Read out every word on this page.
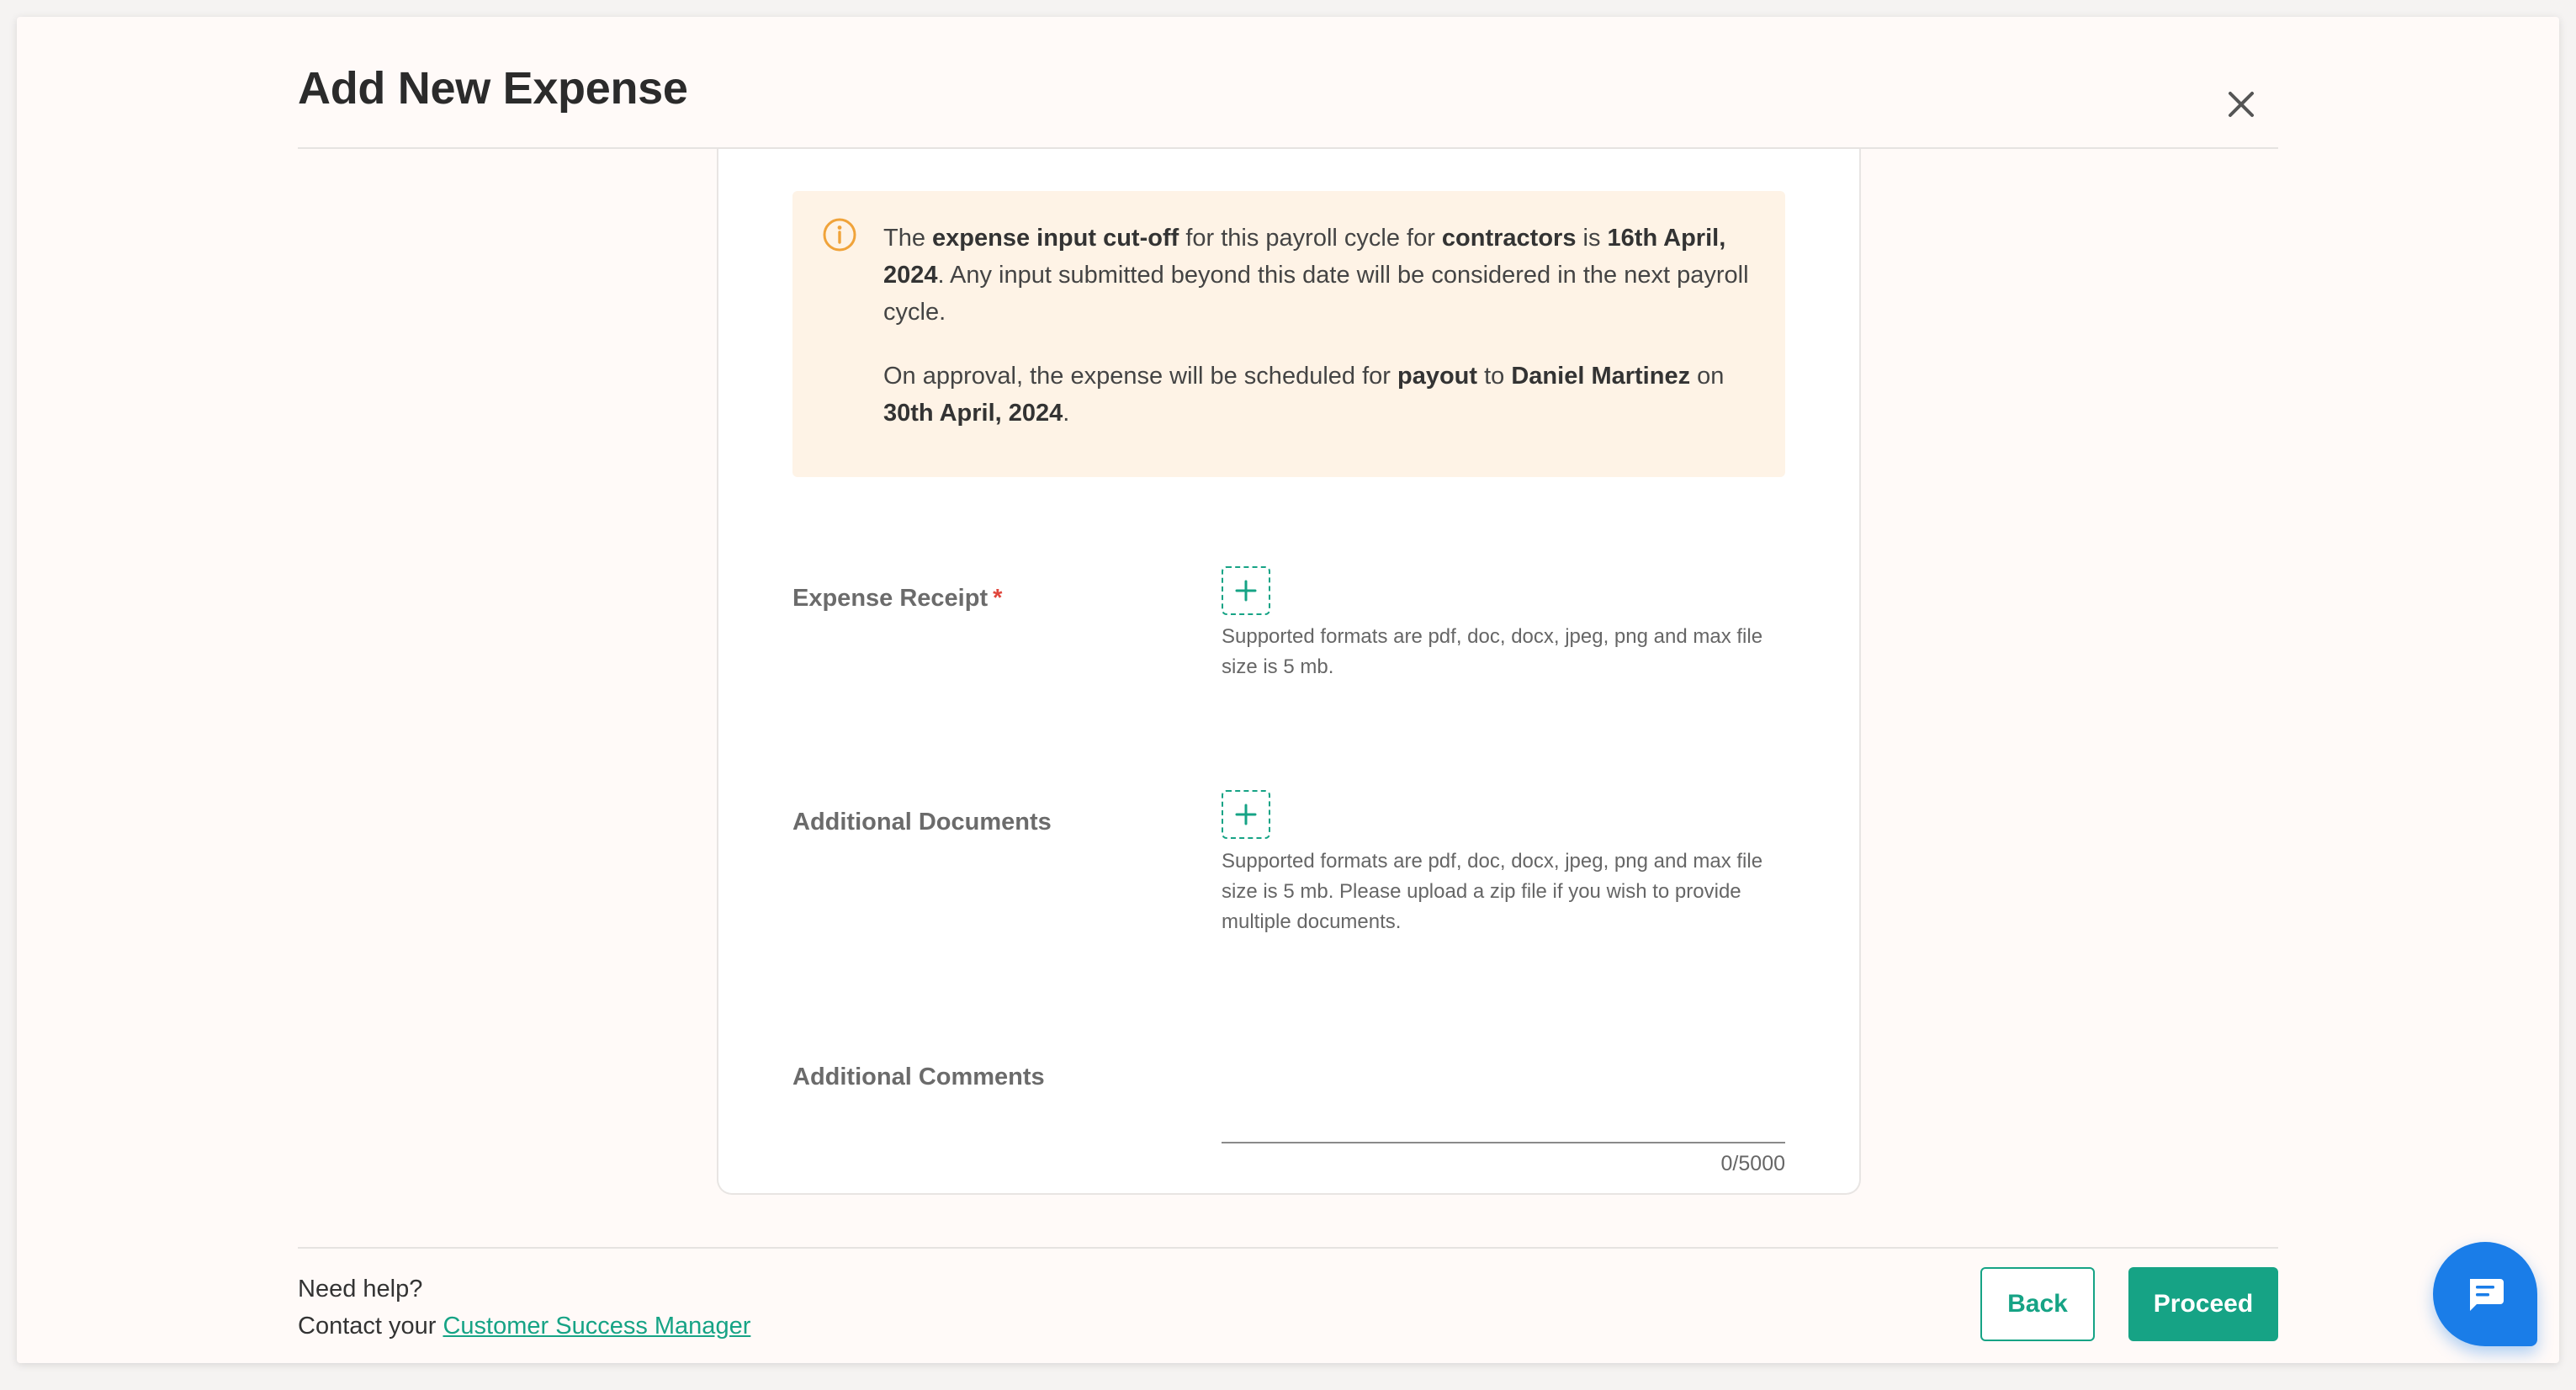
Add New Expense

The expense input cut-off for this payroll cycle for contractors is 16th April, 2024. Any input submitted beyond this date will be considered in the next payroll cycle.

On approval, the expense will be scheduled for payout to Daniel Martinez on 30th April, 2024.

Expense Receipt *
Supported formats are pdf, doc, docx, jpeg, png and max file size is 5 mb.
Additional Documents
Supported formats are pdf, doc, docx, jpeg, png and max file size is 5 mb. Please upload a zip file if you wish to provide multiple documents.
Additional Comments
0/5000
Need help?
Contact your Customer Success Manager
Back	Proceed
